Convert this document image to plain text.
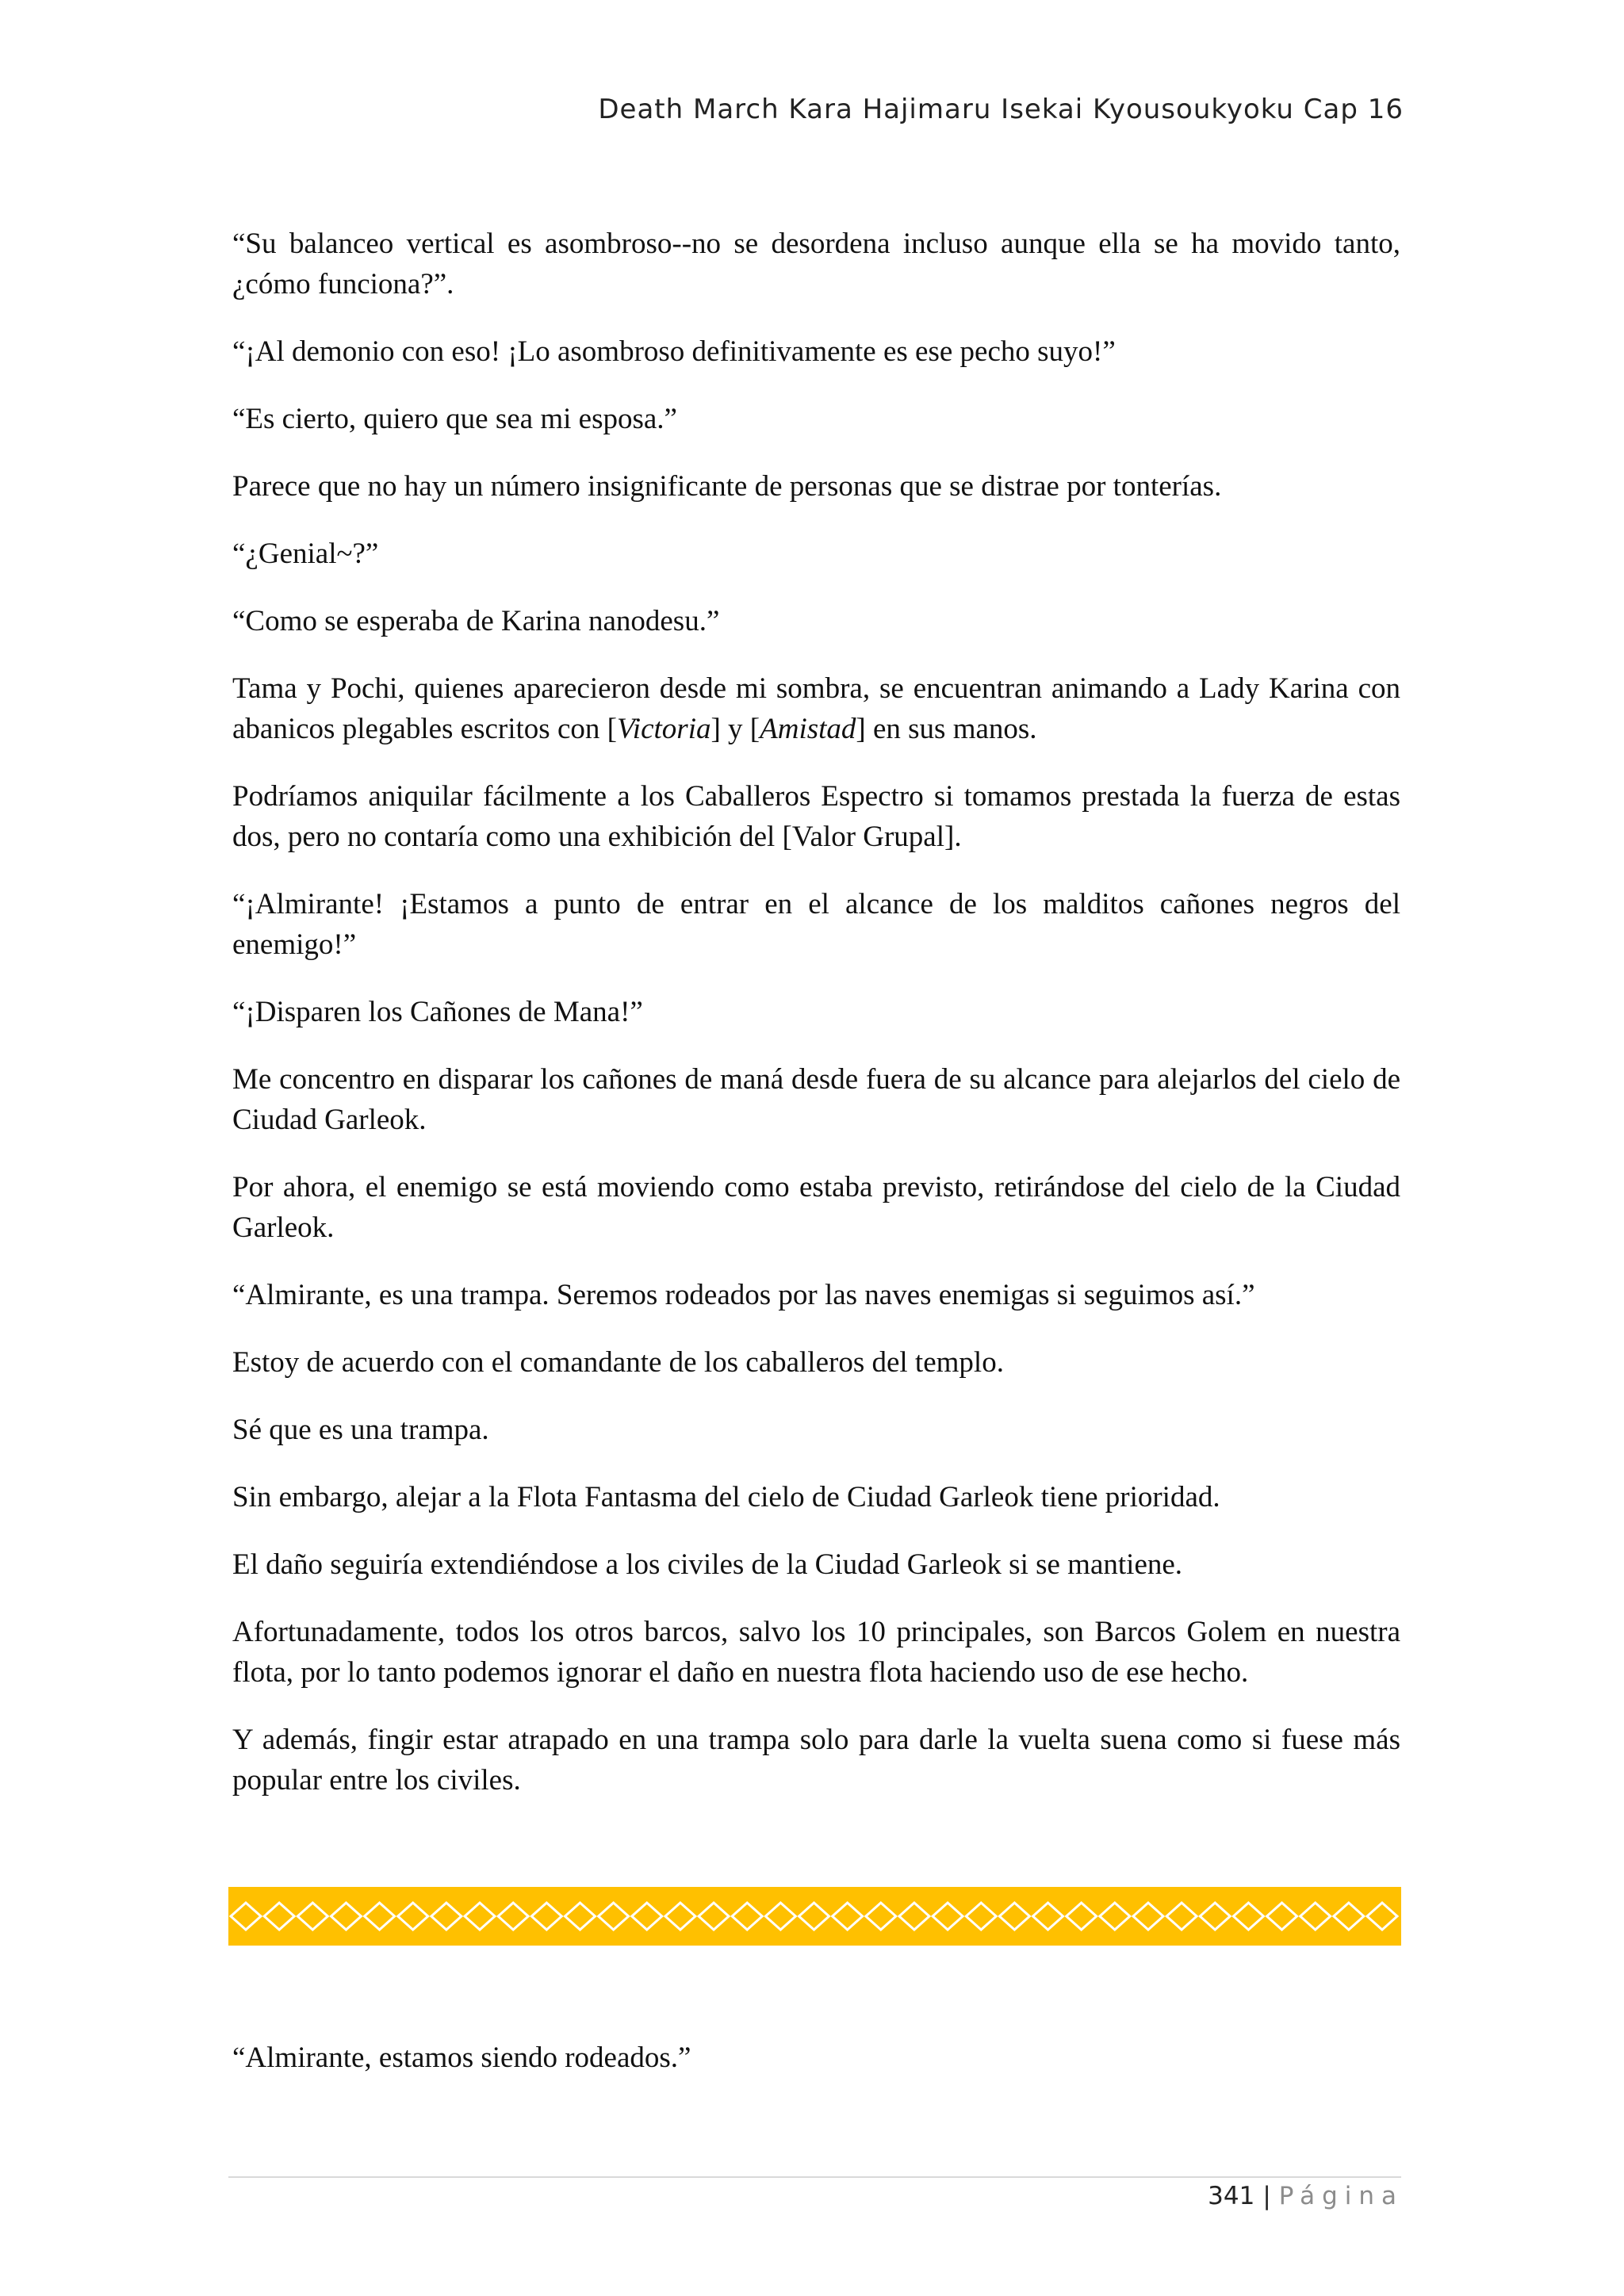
Death March Kara Hajimaru Isekai Kyousoukyoku Cap 16

“Su balanceo vertical es asombroso--no se desordena incluso aunque ella se ha movido tanto, ¿cómo funciona?”.

“¡Al demonio con eso! ¡Lo asombroso definitivamente es ese pecho suyo!”

“Es cierto, quiero que sea mi esposa.”

Parece que no hay un número insignificante de personas que se distrae por tonterías.

“¿Genial~?”

“Como se esperaba de Karina nanodesu.”

Tama y Pochi, quienes aparecieron desde mi sombra, se encuentran animando a Lady Karina con abanicos plegables escritos con [Victoria] y [Amistad] en sus manos.

Podríamos aniquilar fácilmente a los Caballeros Espectro si tomamos prestada la fuerza de estas dos, pero no contaría como una exhibición del [Valor Grupal].

“¡Almirante! ¡Estamos a punto de entrar en el alcance de los malditos cañones negros del enemigo!”

“¡Disparen los Cañones de Mana!”

Me concentro en disparar los cañones de maná desde fuera de su alcance para alejarlos del cielo de Ciudad Garleok.

Por ahora, el enemigo se está moviendo como estaba previsto, retirándose del cielo de la Ciudad Garleok.

“Almirante, es una trampa. Seremos rodeados por las naves enemigas si seguimos así.”

Estoy de acuerdo con el comandante de los caballeros del templo.

Sé que es una trampa.

Sin embargo, alejar a la Flota Fantasma del cielo de Ciudad Garleok tiene prioridad.

El daño seguiría extendiéndose a los civiles de la Ciudad Garleok si se mantiene.

Afortunadamente, todos los otros barcos, salvo los 10 principales, son Barcos Golem en nuestra flota, por lo tanto podemos ignorar el daño en nuestra flota haciendo uso de ese hecho.

Y además, fingir estar atrapado en una trampa solo para darle la vuelta suena como si fuese más popular entre los civiles.

“Almirante, estamos siendo rodeados.”
341 | Página
